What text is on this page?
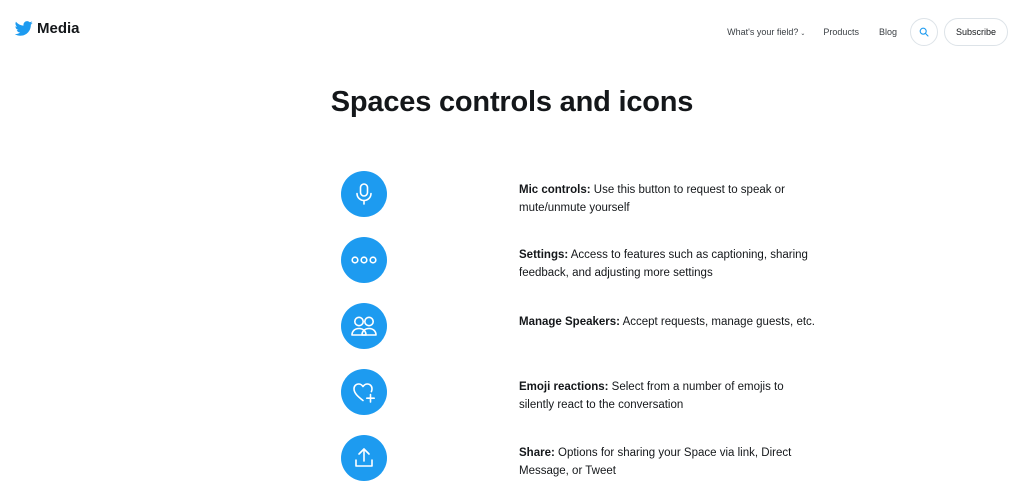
Media	What's your field? ⌄ Products Blog	Subscribe
Spaces controls and icons
Mic controls: Use this button to request to speak or mute/unmute yourself
Settings: Access to features such as captioning, sharing feedback, and adjusting more settings
Manage Speakers: Accept requests, manage guests, etc.
Emoji reactions: Select from a number of emojis to silently react to the conversation
Share: Options for sharing your Space via link, Direct Message, or Tweet
